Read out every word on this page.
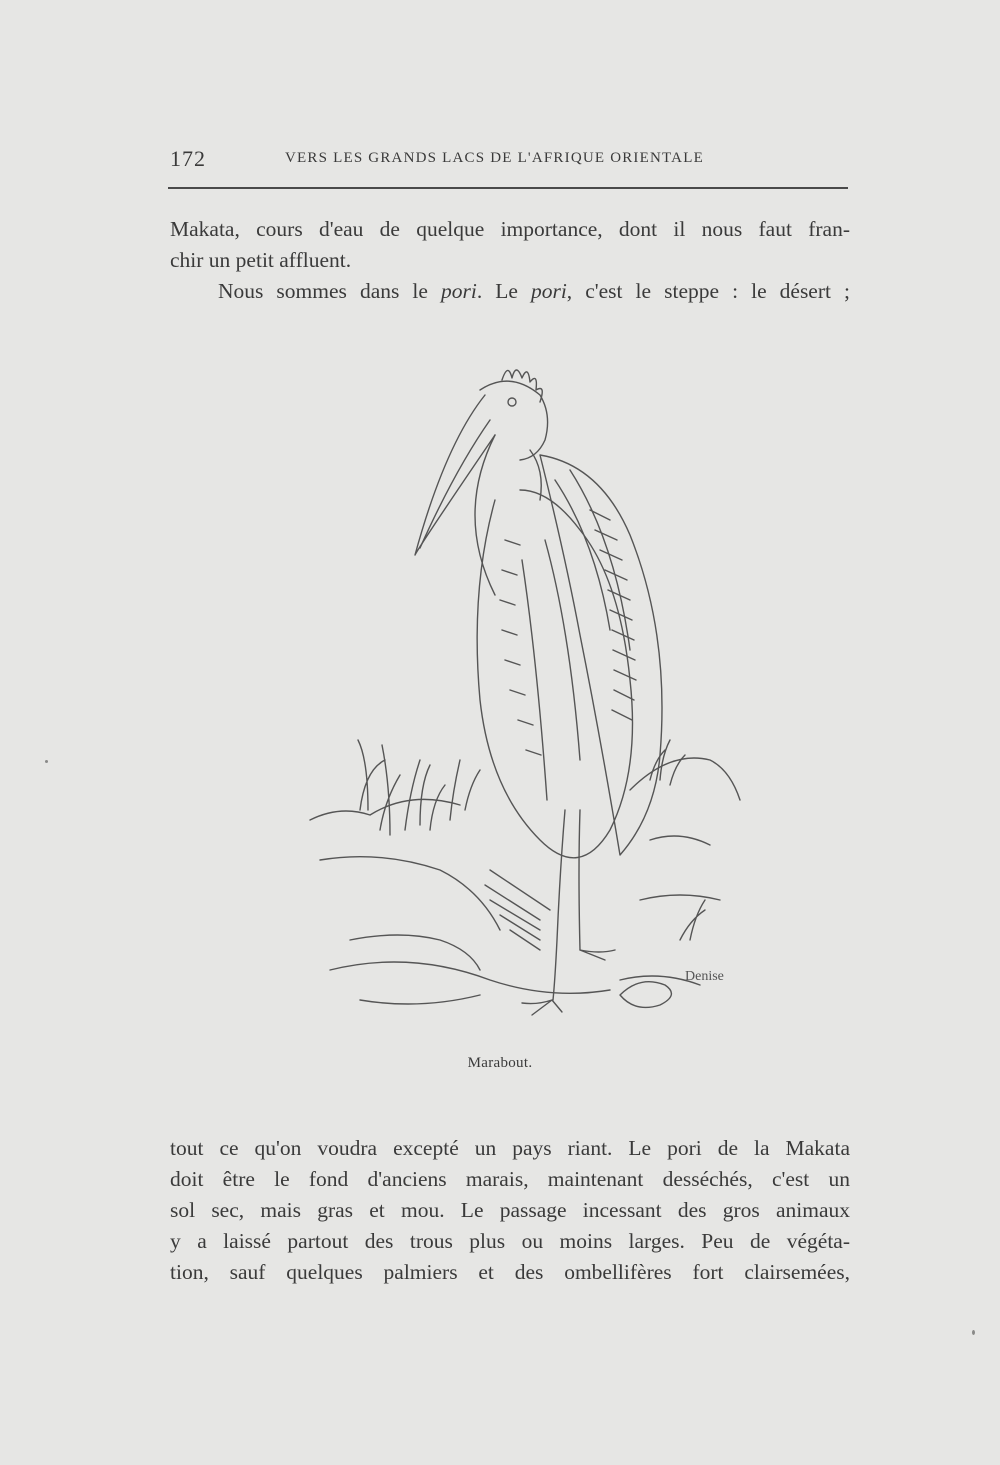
172	VERS LES GRANDS LACS DE L'AFRIQUE ORIENTALE
Makata, cours d'eau de quelque importance, dont il nous faut fran-
chir un petit affluent.
Nous sommes dans le pori. Le pori, c'est le steppe : le désert ;
Denise
Marabout.
tout ce qu'on voudra excepté un pays riant. Le pori de la Makata
doit être le fond d'anciens marais, maintenant desséchés, c'est un
sol sec, mais gras et mou. Le passage incessant des gros animaux
y a laissé partout des trous plus ou moins larges. Peu de végéta-
tion, sauf quelques palmiers et des ombellifères fort clairsemées,
